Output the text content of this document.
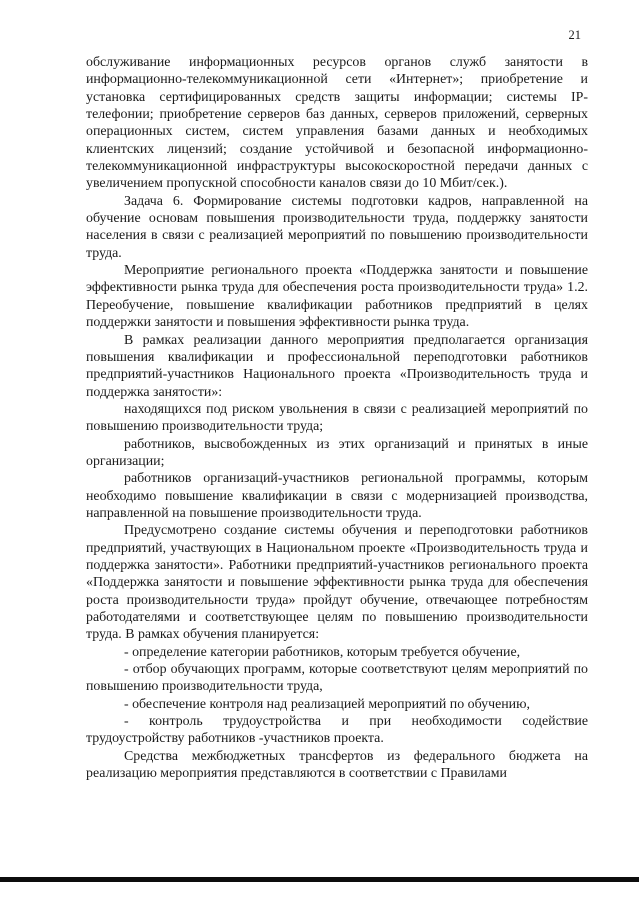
21

обслуживание информационных ресурсов органов служб занятости в информационно-телекоммуникационной сети «Интернет»; приобретение и установка сертифицированных средств защиты информации; системы IP-телефонии; приобретение серверов баз данных, серверов приложений, серверных операционных систем, систем управления базами данных и необходимых клиентских лицензий; создание устойчивой и безопасной информационно-телекоммуникационной инфраструктуры высокоскоростной передачи данных с увеличением пропускной способности каналов связи до 10 Мбит/сек.).

Задача 6. Формирование системы подготовки кадров, направленной на обучение основам повышения производительности труда, поддержку занятости населения в связи с реализацией мероприятий по повышению производительности труда.

Мероприятие регионального проекта «Поддержка занятости и повышение эффективности рынка труда для обеспечения роста производительности труда» 1.2. Переобучение, повышение квалификации работников предприятий в целях поддержки занятости и повышения эффективности рынка труда.

В рамках реализации данного мероприятия предполагается организация повышения квалификации и профессиональной переподготовки работников предприятий-участников Национального проекта «Производительность труда и поддержка занятости»:

находящихся под риском увольнения в связи с реализацией мероприятий по повышению производительности труда;

работников, высвобожденных из этих организаций и принятых в иные организации;

работников организаций-участников региональной программы, которым необходимо повышение квалификации в связи с модернизацией производства, направленной на повышение производительности труда.

Предусмотрено создание системы обучения и переподготовки работников предприятий, участвующих в Национальном проекте «Производительность труда и поддержка занятости». Работники предприятий-участников регионального проекта «Поддержка занятости и повышение эффективности рынка труда для обеспечения роста производительности труда» пройдут обучение, отвечающее потребностям работодателями и соответствующее целям по повышению производительности труда. В рамках обучения планируется:

- определение категории работников, которым требуется обучение,

- отбор обучающих программ, которые соответствуют целям мероприятий по повышению производительности труда,

- обеспечение контроля над реализацией мероприятий по обучению,

- контроль трудоустройства и при необходимости содействие трудоустройству работников -участников проекта.

Средства межбюджетных трансфертов из федерального бюджета на реализацию мероприятия представляются в соответствии с Правилами
